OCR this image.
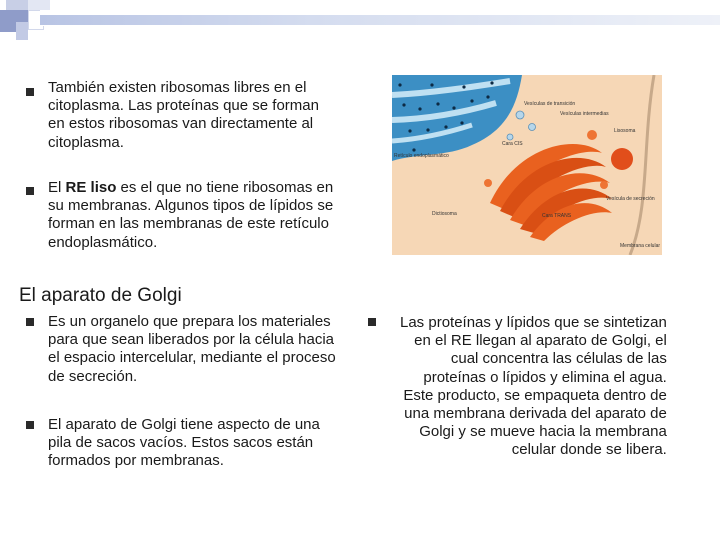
También existen ribosomas libres en el
citoplasma. Las proteínas que se forman
en estos ribosomas van directamente al
citoplasma.
El RE liso es el que no tiene ribosomas en
su membranas. Algunos tipos de lípidos se
forman en las membranas de este retículo
endoplasmático.
El aparato de Golgi
Es un organelo que prepara los materiales
para que sean liberados por la célula hacia
el espacio intercelular, mediante el proceso
de secreción.
El aparato de Golgi tiene aspecto de una
pila de sacos vacíos. Estos sacos están
formados por membranas.
Las proteínas y lípidos que se sintetizan
en el RE llegan al aparato de Golgi, el
cual concentra las células de las
proteínas o lípidos y elimina el agua.
Este producto, se empaqueta dentro de
una membrana derivada del aparato de
Golgi y se mueve hacia la membrana
celular donde se libera.
Vesículas de transición
Vesículas intermedias
Lisosoma
Cara CIS
Retículo endoplasmático
Vesícula de secreción
Dictiosoma	Cara TRANS
Membrana celular
